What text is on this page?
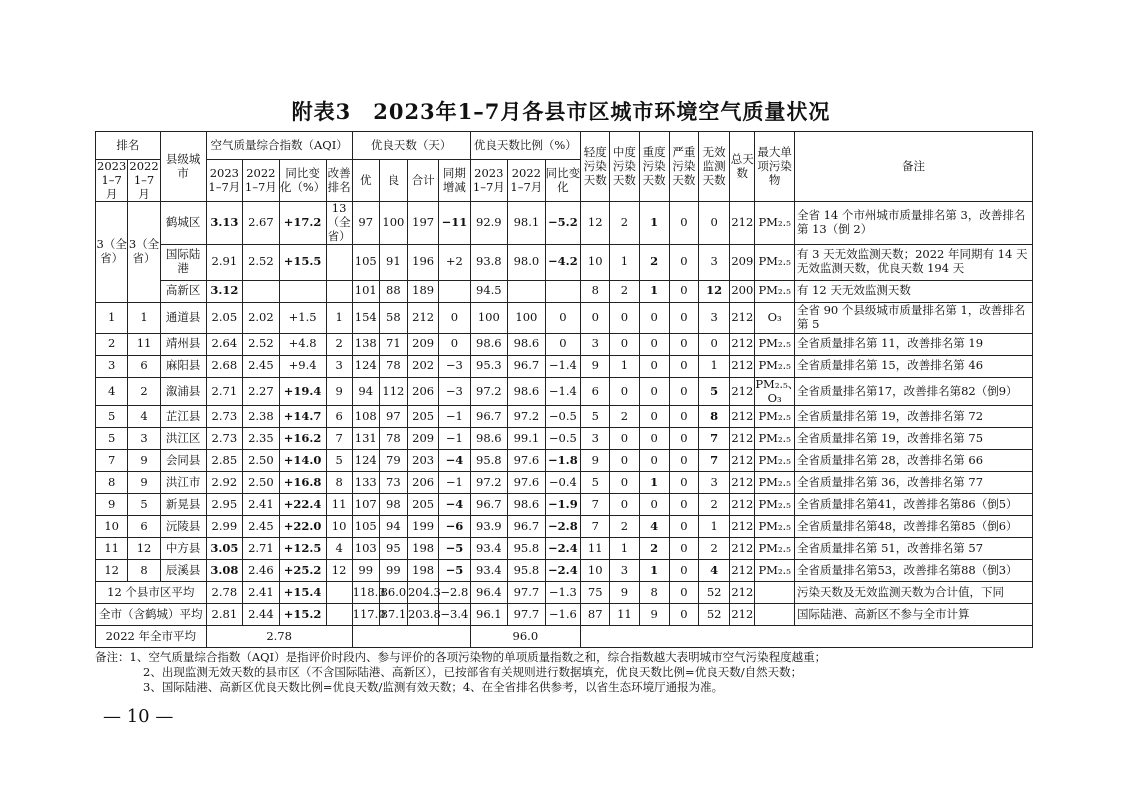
附表3　2023年1–7月各县市区城市环境空气质量状况
排名		县级城市	空气质量综合指数（AQI）				优良天数（天）				优良天数比例（%）			轻度污染天数	中度污染天数	重度污染天数	严重污染天数	无效监测天数	总天数	最大单项污染物	备注
2023 1–7月	2022 1–7月		2023 1–7月	2022 1–7月	同比变化（%）	改善排名	优	良	合计	同期增减	2023 1–7月	2022 1–7月	同比变化								
3（全省）	3（全省）	鹤城区	3.13	2.67	+17.2	13（全省）	97	100	197	−11	92.9	98.1	−5.2	12	2	1	0	0	212	PM₂.₅	全省 14 个市州城市质量排名第 3，改善排名第 13（倒 2）
		国际陆港	2.91	2.52	+15.5		105	91	196	+2	93.8	98.0	−4.2	10	1	2	0	3	209	PM₂.₅	有 3 天无效监测天数；2022 年同期有 14 天无效监测天数，优良天数 194 天
		高新区	3.12				101	88	189		94.5			8	2	1	0	12	200	PM₂.₅	有 12 天无效监测天数
1	1	通道县	2.05	2.02	+1.5	1	154	58	212	0	100	100	0	0	0	0	0	3	212	O₃	全省 90 个县级城市质量排名第 1，改善排名第 5
2	11	靖州县	2.64	2.52	+4.8	2	138	71	209	0	98.6	98.6	0	3	0	0	0	0	212	PM₂.₅	全省质量排名第 11，改善排名第 19
3	6	麻阳县	2.68	2.45	+9.4	3	124	78	202	−3	95.3	96.7	−1.4	9	1	0	0	1	212	PM₂.₅	全省质量排名第 15，改善排名第 46
4	2	溆浦县	2.71	2.27	+19.4	9	94	112	206	−3	97.2	98.6	−1.4	6	0	0	0	5	212	PM₂.₅、O₃	全省质量排名第17，改善排名第82（倒9）
5	4	芷江县	2.73	2.38	+14.7	6	108	97	205	−1	96.7	97.2	−0.5	5	2	0	0	8	212	PM₂.₅	全省质量排名第 19，改善排名第 72
5	3	洪江区	2.73	2.35	+16.2	7	131	78	209	−1	98.6	99.1	−0.5	3	0	0	0	7	212	PM₂.₅	全省质量排名第 19，改善排名第 75
7	9	会同县	2.85	2.50	+14.0	5	124	79	203	−4	95.8	97.6	−1.8	9	0	0	0	7	212	PM₂.₅	全省质量排名第 28，改善排名第 66
8	9	洪江市	2.92	2.50	+16.8	8	133	73	206	−1	97.2	97.6	−0.4	5	0	1	0	3	212	PM₂.₅	全省质量排名第 36，改善排名第 77
9	5	新晃县	2.95	2.41	+22.4	11	107	98	205	−4	96.7	98.6	−1.9	7	0	0	0	2	212	PM₂.₅	全省质量排名第41，改善排名第86（倒5）
10	6	沅陵县	2.99	2.45	+22.0	10	105	94	199	−6	93.9	96.7	−2.8	7	2	4	0	1	212	PM₂.₅	全省质量排名第48，改善排名第85（倒6）
11	12	中方县	3.05	2.71	+12.5	4	103	95	198	−5	93.4	95.8	−2.4	11	1	2	0	2	212	PM₂.₅	全省质量排名第 51，改善排名第 57
12	8	辰溪县	3.08	2.46	+25.2	12	99	99	198	−5	93.4	95.8	−2.4	10	3	1	0	4	212	PM₂.₅	全省质量排名第53，改善排名第88（倒3）
12 个县市区平均			2.78	2.41	+15.4		118.3	86.0	204.3	−2.8	96.4	97.7	−1.3	75	9	8	0	52	212		污染天数及无效监测天数为合计值，下同
全市（含鹤城）平均			2.81	2.44	+15.2		117.0	87.1	203.8	−3.4	96.1	97.7	−1.6	87	11	9	0	52	212		国际陆港、高新区不参与全市计算
2022 年全市平均			2.78								96.0										
备注：1、空气质量综合指数（AQI）是指评价时段内、参与评价的各项污染物的单项质量指数之和，综合指数越大表明城市空气污染程度越重；
2、出现监测无效天数的县市区（不含国际陆港、高新区），已按部省有关规则进行数据填充，优良天数比例=优良天数/自然天数；
3、国际陆港、高新区优良天数比例=优良天数/监测有效天数；4、在全省排名供参考，以省生态环境厅通报为准。
— 10 —
